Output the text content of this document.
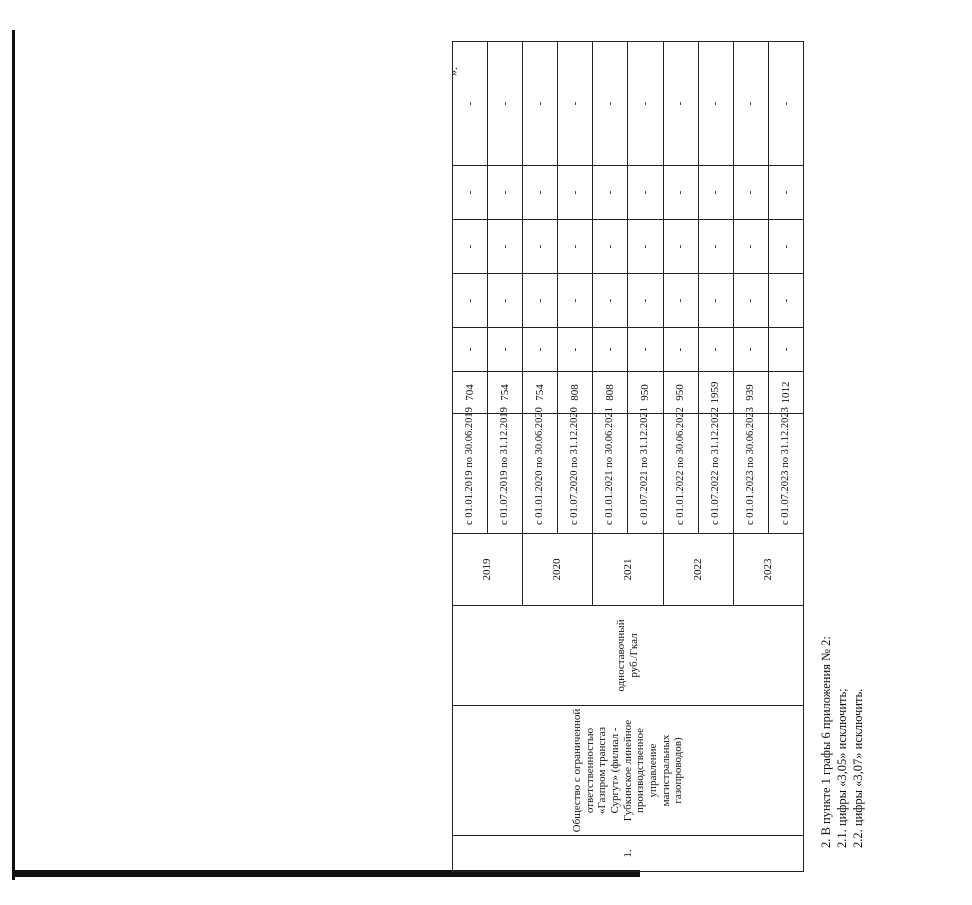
».
1.	Общество с ограниченной ответственностью «Газпром трансгаз Сургут» (филиал - Губкинское линейное производственное управление магистральных газопроводов)	одноставочный руб./Гкал	2019	с 01.01.2019 по 30.06.2019	704	-	-	-	-	-
				с 01.07.2019 по 31.12.2019	754	-	-	-	-	-
			2020	с 01.01.2020 по 30.06.2020	754	-	-	-	-	-
				с 01.07.2020 по 31.12.2020	808	-	-	-	-	-
			2021	с 01.01.2021 по 30.06.2021	808	-	-	-	-	-
				с 01.07.2021 по 31.12.2021	950	-	-	-	-	-
			2022	с 01.01.2022 по 30.06.2022	950	-	-	-	-	-
				с 01.07.2022 по 31.12.2022	1959	-	-	-	-	-
			2023	с 01.01.2023 по 30.06.2023	939	-	-	-	-	-
				с 01.07.2023 по 31.12.2023	1012	-	-	-	-	-
2. В пункте 1 графы 6 приложения № 2: 2.1. цифры «3,05» исключить; 2.2. цифры «3,07» исключить.
